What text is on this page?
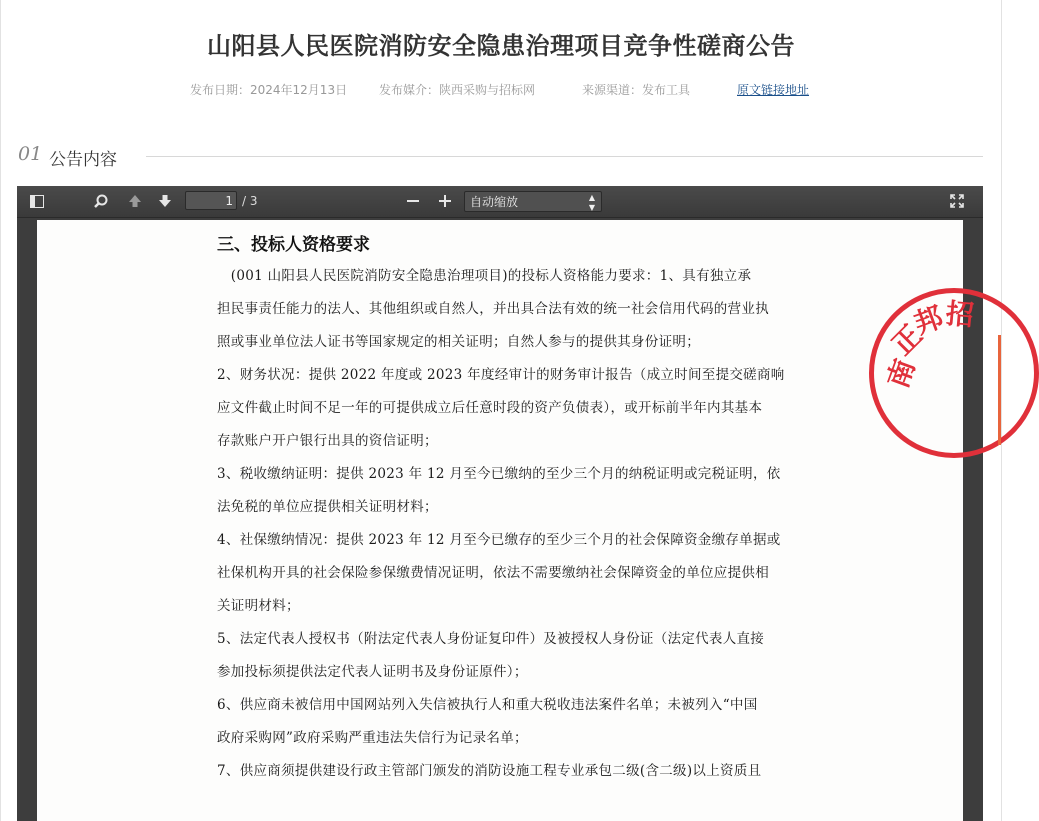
山阳县人民医院消防安全隐患治理项目竞争性磋商公告
发布日期：2024年12月13日	发布媒介：陕西采购与招标网	来源渠道：发布工具	原文链接地址
01 公告内容
1 / 3	自动缩放	▲
▼
三、投标人资格要求
　(001 山阳县人民医院消防安全隐患治理项目)的投标人资格能力要求：1、具有独立承
担民事责任能力的法人、其他组织或自然人，并出具合法有效的统一社会信用代码的营业执
照或事业单位法人证书等国家规定的相关证明；自然人参与的提供其身份证明；
2、财务状况：提供 2022 年度或 2023 年度经审计的财务审计报告（成立时间至提交磋商响
应文件截止时间不足一年的可提供成立后任意时段的资产负债表），或开标前半年内其基本
存款账户开户银行出具的资信证明；
3、税收缴纳证明：提供 2023 年 12 月至今已缴纳的至少三个月的纳税证明或完税证明，依
法免税的单位应提供相关证明材料；
4、社保缴纳情况：提供 2023 年 12 月至今已缴存的至少三个月的社会保障资金缴存单据或
社保机构开具的社会保险参保缴费情况证明，依法不需要缴纳社会保障资金的单位应提供相
关证明材料；
5、法定代表人授权书（附法定代表人身份证复印件）及被授权人身份证（法定代表人直接
参加投标须提供法定代表人证明书及身份证原件）；
6、供应商未被信用中国网站列入失信被执行人和重大税收违法案件名单；未被列入“中国
政府采购网”政府采购严重违法失信行为记录名单；
7、供应商须提供建设行政主管部门颁发的消防设施工程专业承包二级(含二级)以上资质且
南
正
邦
招
